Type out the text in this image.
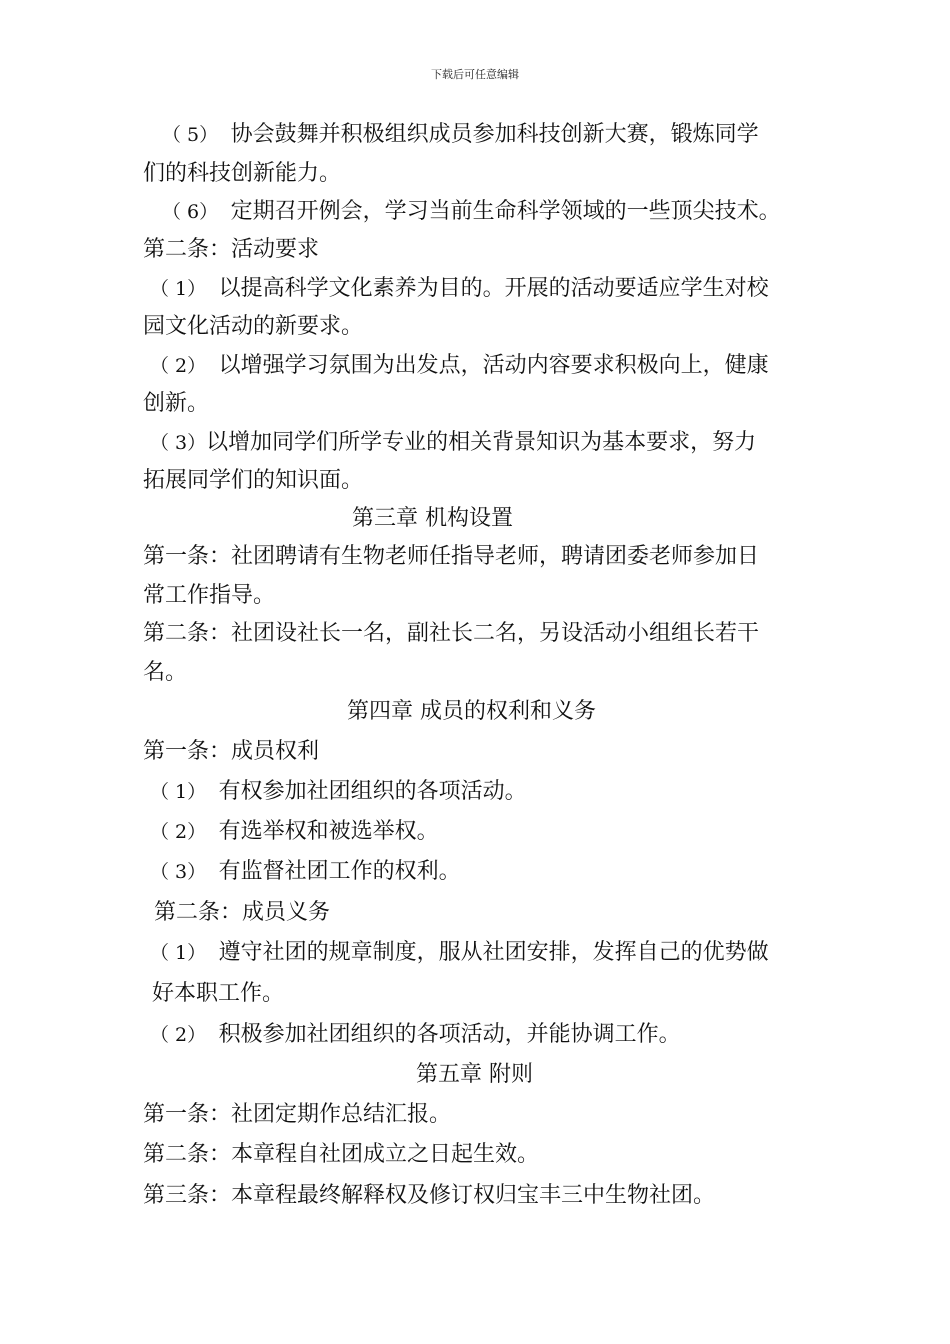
下载后可任意编辑
（ 5）　协会鼓舞并积极组织成员参加科技创新大赛，锻炼同学
们的科技创新能力。
（ 6）　定期召开例会，学习当前生命科学领域的一些顶尖技术。
第二条：活动要求
（ 1）　以提高科学文化素养为目的。开展的活动要适应学生对校
园文化活动的新要求。
（ 2）　以增强学习氛围为出发点，活动内容要求积极向上，健康
创新。
（ 3）以增加同学们所学专业的相关背景知识为基本要求，努力
拓展同学们的知识面。
第三章 机构设置
第一条：社团聘请有生物老师任指导老师，聘请团委老师参加日
常工作指导。
第二条：社团设社长一名，副社长二名，另设活动小组组长若干
名。
第四章 成员的权利和义务
第一条：成员权利
（ 1）　有权参加社团组织的各项活动。
（ 2）　有选举权和被选举权。
（ 3）　有监督社团工作的权利。
第二条：成员义务
（ 1）　遵守社团的规章制度，服从社团安排，发挥自己的优势做
好本职工作。
（ 2）　积极参加社团组织的各项活动，并能协调工作。
第五章 附则
第一条：社团定期作总结汇报。
第二条：本章程自社团成立之日起生效。
第三条：本章程最终解释权及修订权归宝丰三中生物社团。
